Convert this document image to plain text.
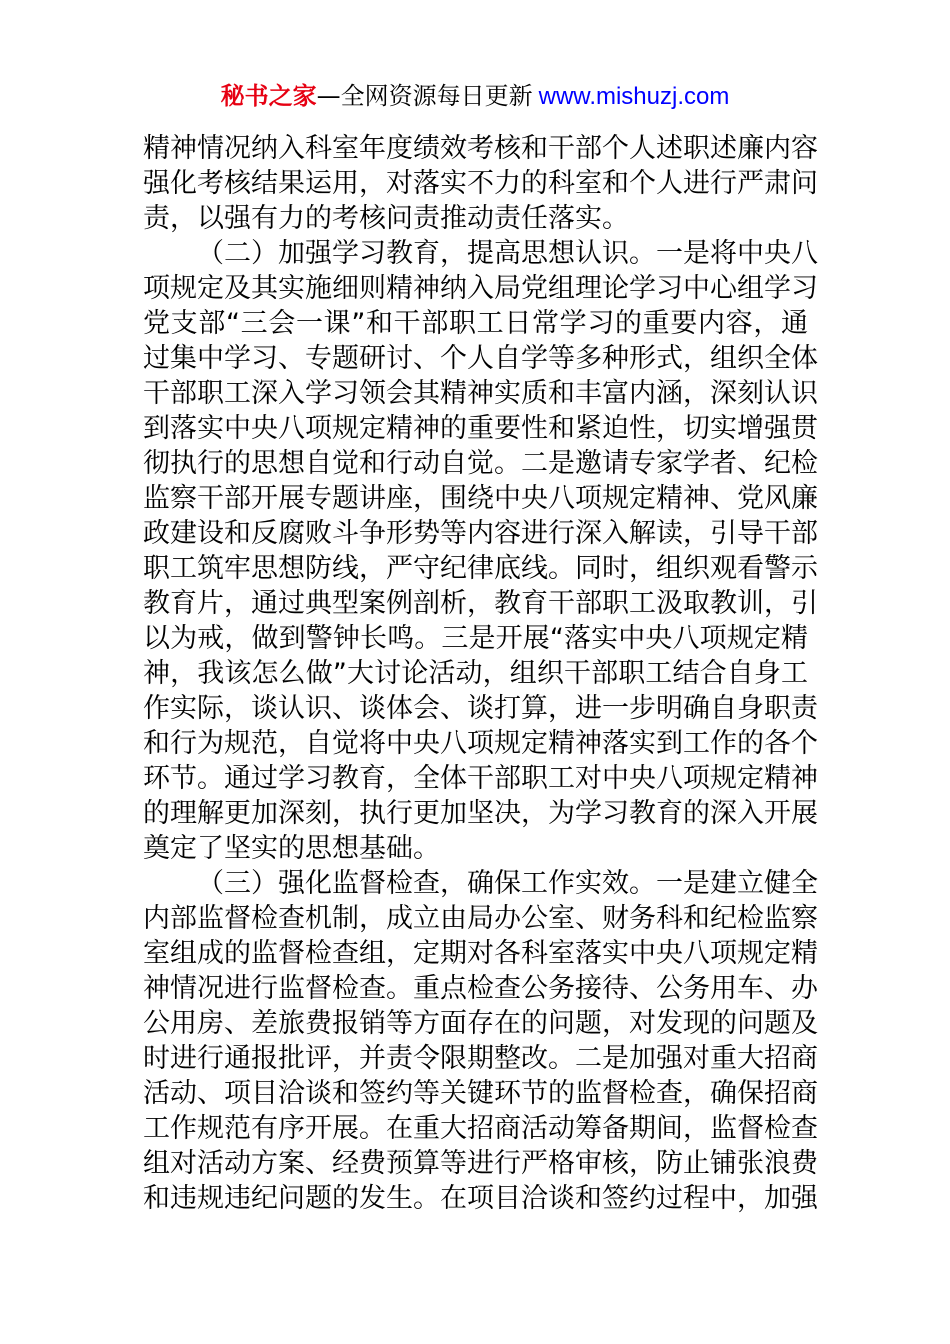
秘书之家—全网资源每日更新 www.mishuzj.com
精神情况纳入科室年度绩效考核和干部个人述职述廉内容
强化考核结果运用，对落实不力的科室和个人进行严肃问
责，以强有力的考核问责推动责任落实。
（二）加强学习教育，提高思想认识。一是将中央八
项规定及其实施细则精神纳入局党组理论学习中心组学习
党支部“三会一课”和干部职工日常学习的重要内容，通
过集中学习、专题研讨、个人自学等多种形式，组织全体
干部职工深入学习领会其精神实质和丰富内涵，深刻认识
到落实中央八项规定精神的重要性和紧迫性，切实增强贯
彻执行的思想自觉和行动自觉。二是邀请专家学者、纪检
监察干部开展专题讲座，围绕中央八项规定精神、党风廉
政建设和反腐败斗争形势等内容进行深入解读，引导干部
职工筑牢思想防线，严守纪律底线。同时，组织观看警示
教育片，通过典型案例剖析，教育干部职工汲取教训，引
以为戒，做到警钟长鸣。三是开展“落实中央八项规定精
神，我该怎么做”大讨论活动，组织干部职工结合自身工
作实际，谈认识、谈体会、谈打算，进一步明确自身职责
和行为规范，自觉将中央八项规定精神落实到工作的各个
环节。通过学习教育，全体干部职工对中央八项规定精神
的理解更加深刻，执行更加坚决，为学习教育的深入开展
奠定了坚实的思想基础。
（三）强化监督检查，确保工作实效。一是建立健全
内部监督检查机制，成立由局办公室、财务科和纪检监察
室组成的监督检查组，定期对各科室落实中央八项规定精
神情况进行监督检查。重点检查公务接待、公务用车、办
公用房、差旅费报销等方面存在的问题，对发现的问题及
时进行通报批评，并责令限期整改。二是加强对重大招商
活动、项目洽谈和签约等关键环节的监督检查，确保招商
工作规范有序开展。在重大招商活动筹备期间，监督检查
组对活动方案、经费预算等进行严格审核，防止铺张浪费
和违规违纪问题的发生。在项目洽谈和签约过程中，加强
